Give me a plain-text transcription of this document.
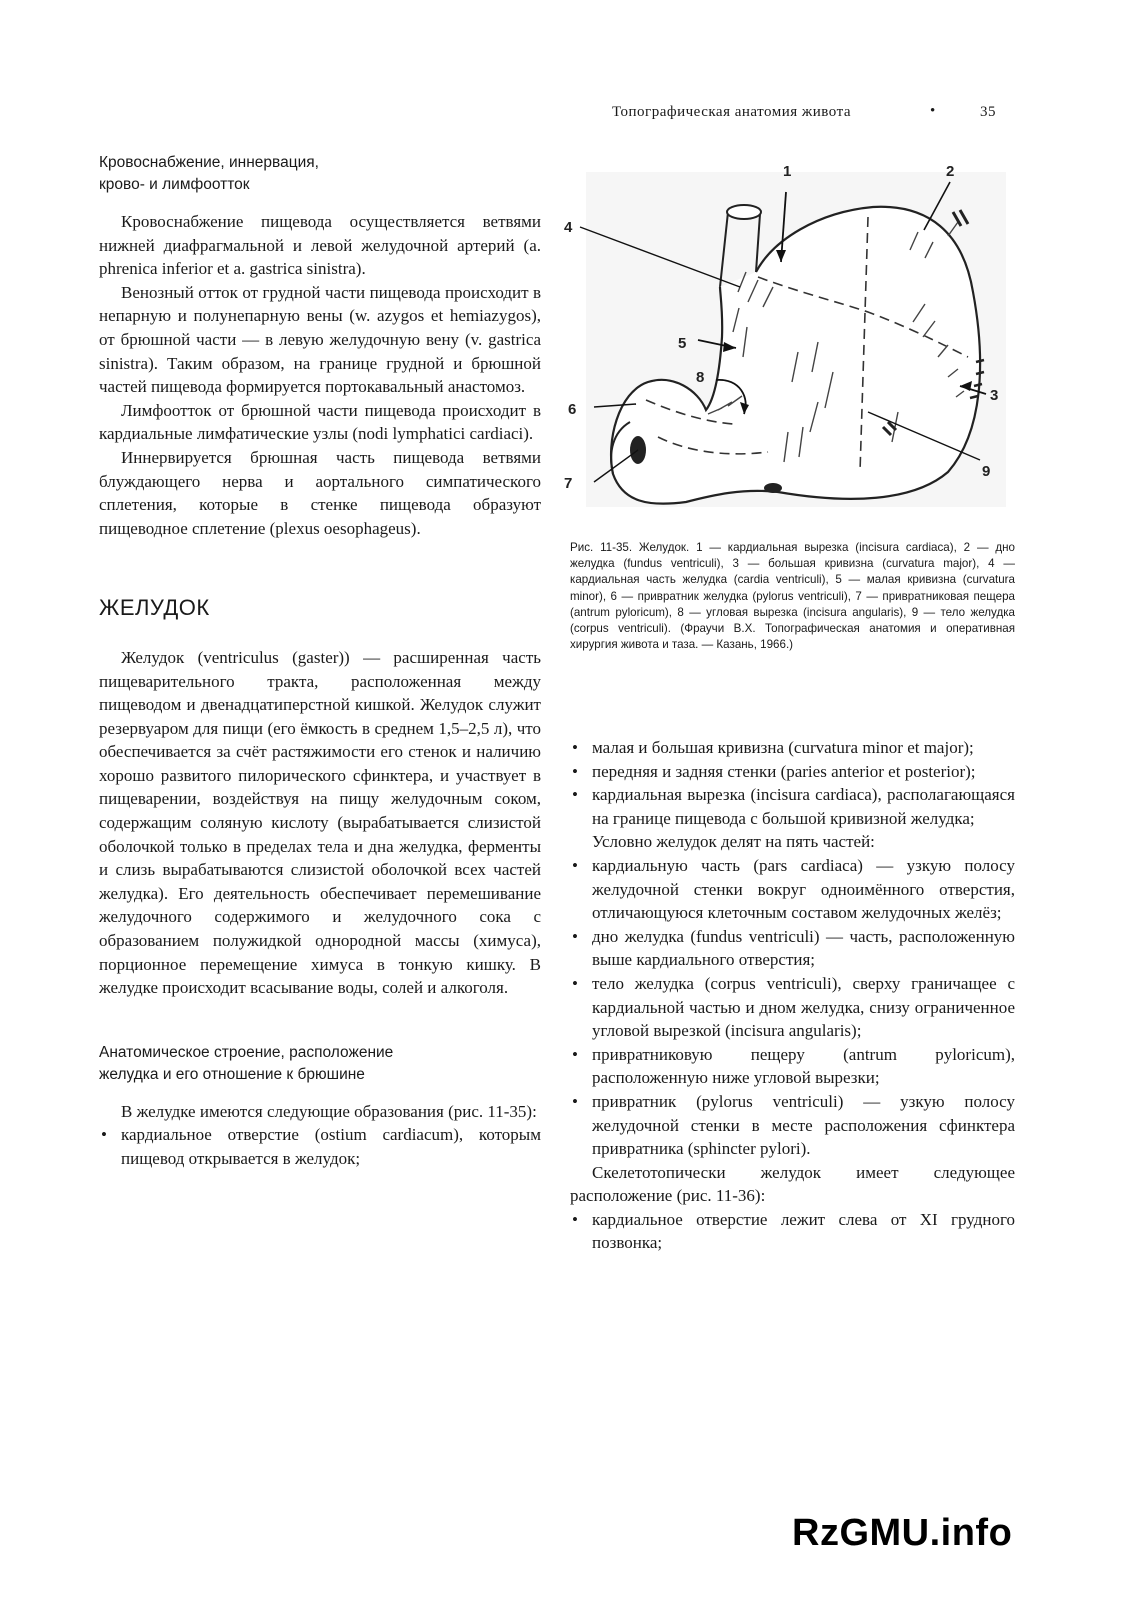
Топографическая анатомия живота	•	35
Кровоснабжение, иннервация,
крово- и лимфоотток

Кровоснабжение пищевода осуществляется ветвями нижней диафрагмальной и левой желудочной артерий (a. phrenica inferior et a. gastrica sinistra).

Венозный отток от грудной части пищевода происходит в непарную и полунепарную вены (w. azygos et hemiazygos), от брюшной части — в левую желудочную вену (v. gastrica sinistra). Таким образом, на границе грудной и брюшной частей пищевода формируется портокавальный анастомоз.

Лимфоотток от брюшной части пищевода происходит в кардиальные лимфатические узлы (nodi lymphatici cardiaci).

Иннервируется брюшная часть пищевода ветвями блуждающего нерва и аортального симпатического сплетения, которые в стенке пищевода образуют пищеводное сплетение (plexus oesophageus).

ЖЕЛУДОК

Желудок (ventriculus (gaster)) — расширенная часть пищеварительного тракта, расположенная между пищеводом и двенадцатиперстной кишкой. Желудок служит резервуаром для пищи (его ёмкость в среднем 1,5–2,5 л), что обеспечивается за счёт растяжимости его стенок и наличию хорошо развитого пилорического сфинктера, и участвует в пищеварении, воздействуя на пищу желудочным соком, содержащим соляную кислоту (вырабатывается слизистой оболочкой только в пределах тела и дна желудка, ферменты и слизь вырабатываются слизистой оболочкой всех частей желудка). Его деятельность обеспечивает перемешивание желудочного содержимого и желудочного сока с образованием полужидкой однородной массы (химуса), порционное перемещение химуса в тонкую кишку. В желудке происходит всасывание воды, солей и алкоголя.

Анатомическое строение, расположение
желудка и его отношение к брюшине

В желудке имеются следующие образования (рис. 11-35):

• кардиальное отверстие (ostium cardiacum), которым пищевод открывается в желудок;
1	2
3
4
5
6
7
8
9
Рис. 11-35. Желудок. 1 — кардиальная вырезка (incisura cardiaca), 2 — дно желудка (fundus ventriculi), 3 — большая кривизна (curvatura major), 4 — кардиальная часть желудка (cardia ventriculi), 5 — малая кривизна (curvatura minor), 6 — привратник желудка (pylorus ventriculi), 7 — привратниковая пещера (antrum pyloricum), 8 — угловая вырезка (incisura angularis), 9 — тело желудка (corpus ventriculi). (Фраучи В.Х. Топографическая анатомия и оперативная хирургия живота и таза. — Казань, 1966.)
• малая и большая кривизна (curvatura minor et major);
• передняя и задняя стенки (paries anterior et posterior);
• кардиальная вырезка (incisura cardiaca), располагающаяся на границе пищевода с большой кривизной желудка;

Условно желудок делят на пять частей:

• кардиальную часть (pars cardiaca) — узкую полосу желудочной стенки вокруг одноимённого отверстия, отличающуюся клеточным составом желудочных желёз;
• дно желудка (fundus ventriculi) — часть, расположенную выше кардиального отверстия;
• тело желудка (corpus ventriculi), сверху граничащее с кардиальной частью и дном желудка, снизу ограниченное угловой вырезкой (incisura angularis);
• привратниковую пещеру (antrum pyloricum), расположенную ниже угловой вырезки;
• привратник (pylorus ventriculi) — узкую полосу желудочной стенки в месте расположения сфинктера привратника (sphincter pylori).

Скелетотопически желудок имеет следующее расположение (рис. 11-36):

• кардиальное отверстие лежит слева от XI грудного позвонка;
RzGMU.info
